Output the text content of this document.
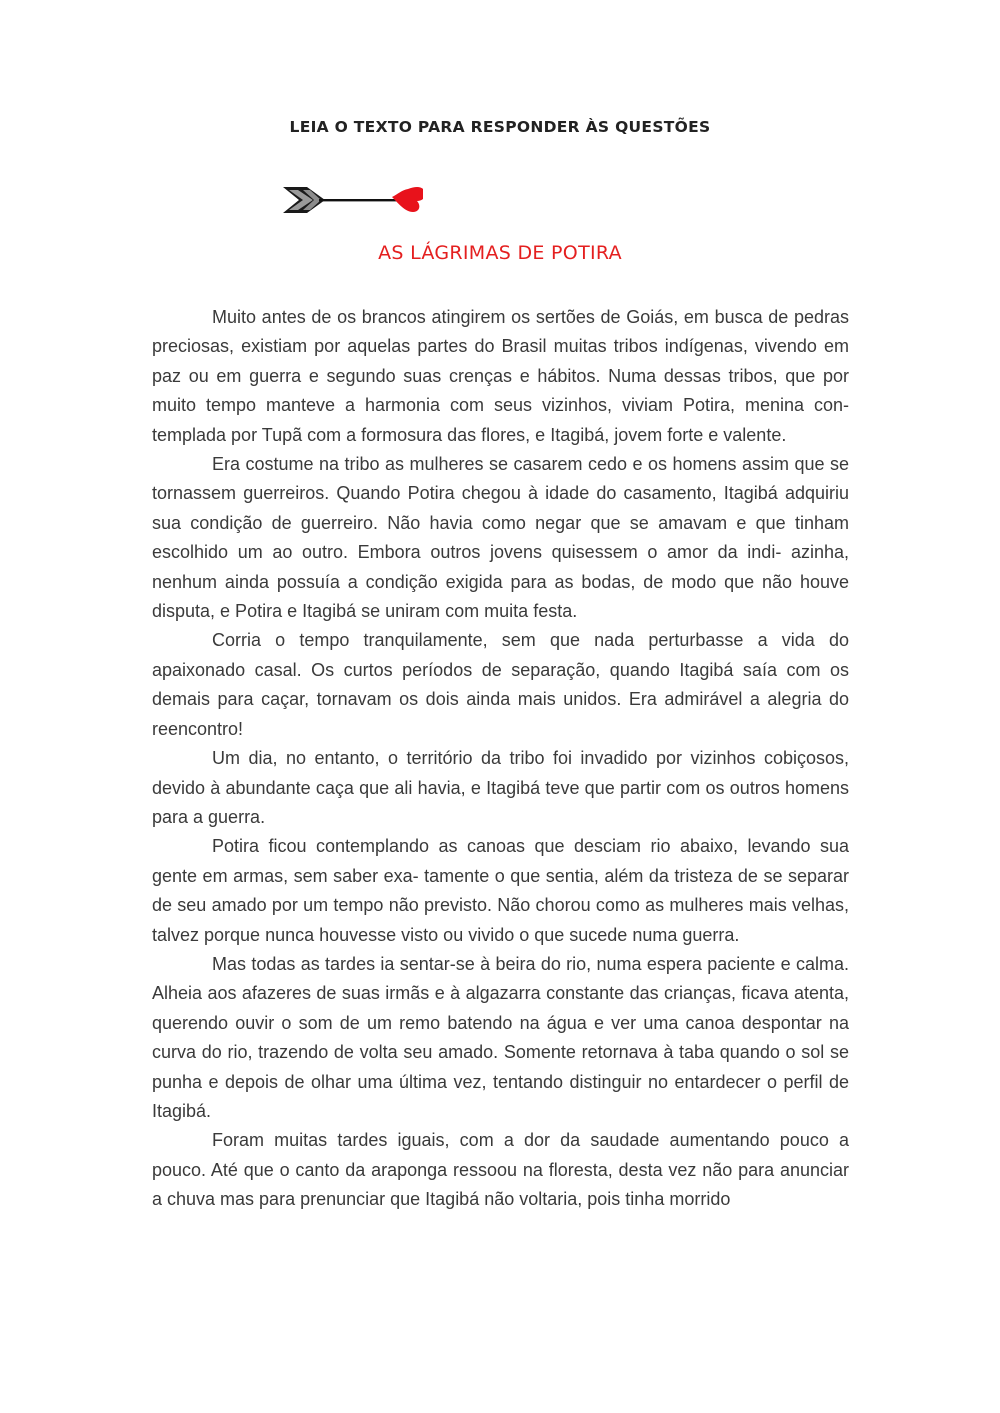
LEIA O TEXTO PARA RESPONDER ÀS QUESTÕES
AS LÁGRIMAS DE POTIRA

Muito antes de os brancos atingirem os sertões de Goiás, em busca de pedras preciosas, existiam por aquelas partes do Brasil muitas tribos indígenas, vivendo em paz ou em guerra e segundo suas crenças e hábitos. Numa dessas tribos, que por muito tempo manteve a harmonia com seus vizinhos, viviam Potira, menina con- templada por Tupã com a formosura das flores, e Itagibá, jovem forte e valente.

Era costume na tribo as mulheres se casarem cedo e os homens assim que se tornassem guerreiros. Quando Potira chegou à idade do casamento, Itagibá adquiriu sua condição de guerreiro. Não havia como negar que se amavam e que tinham escolhido um ao outro. Embora outros jovens quisessem o amor da indi- azinha, nenhum ainda possuía a condição exigida para as bodas, de modo que não houve disputa, e Potira e Itagibá se uniram com muita festa.

Corria o tempo tranquilamente, sem que nada perturbasse a vida do apaixonado casal. Os curtos períodos de separação, quando Itagibá saía com os demais para caçar, tornavam os dois ainda mais unidos. Era admirável a alegria do reencontro!

Um dia, no entanto, o território da tribo foi invadido por vizinhos cobiçosos, devido à abundante caça que ali havia, e Itagibá teve que partir com os outros homens para a guerra.

Potira ficou contemplando as canoas que desciam rio abaixo, levando sua gente em armas, sem saber exa- tamente o que sentia, além da tristeza de se separar de seu amado por um tempo não previsto. Não chorou como as mulheres mais velhas, talvez porque nunca houvesse visto ou vivido o que sucede numa guerra.

Mas todas as tardes ia sentar-se à beira do rio, numa espera paciente e calma. Alheia aos afazeres de suas irmãs e à algazarra constante das crianças, ficava atenta, querendo ouvir o som de um remo batendo na água e ver uma canoa despontar na curva do rio, trazendo de volta seu amado. Somente retornava à taba quando o sol se punha e depois de olhar uma última vez, tentando distinguir no entardecer o perfil de Itagibá.

Foram muitas tardes iguais, com a dor da saudade aumentando pouco a pouco. Até que o canto da araponga ressoou na floresta, desta vez não para anunciar a chuva mas para prenunciar que Itagibá não voltaria, pois tinha morrido
